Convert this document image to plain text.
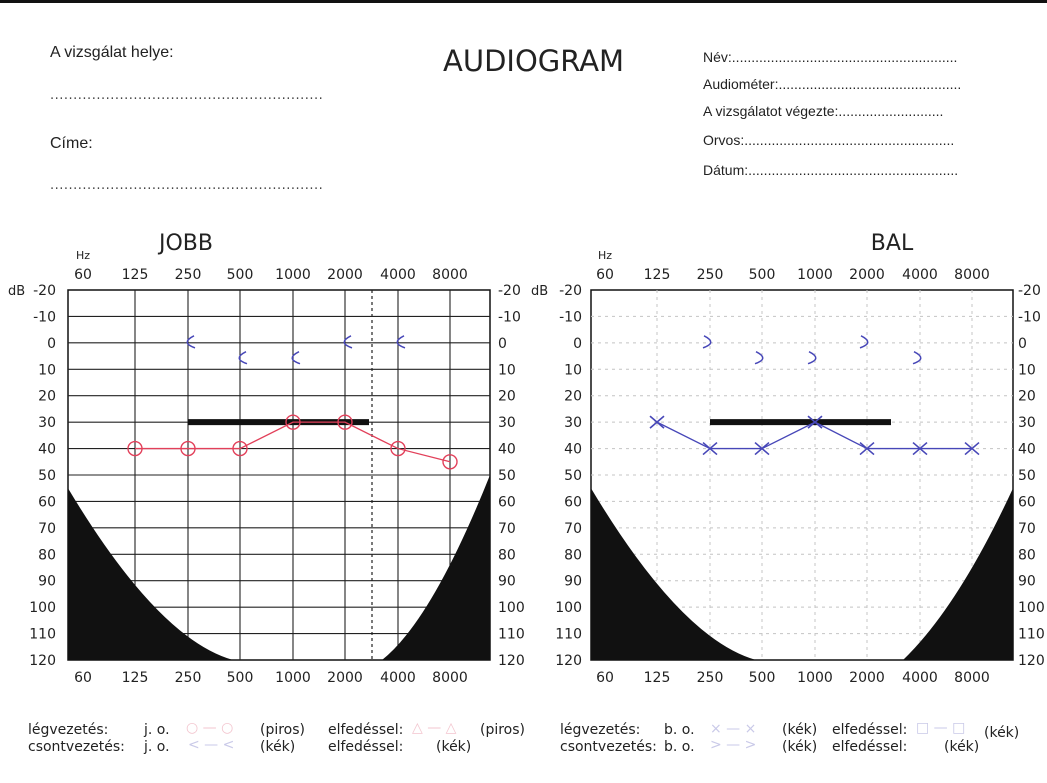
A vizsgálat helye:
...........................................................
Címe:
...........................................................
AUDIOGRAM	Név:..........................................................
Audiométer:...............................................
A vizsgálatot végezte:...........................
Orvos:......................................................
Dátum:......................................................
JOBB
Hz
-20	-20
-10	-10
0	0
10	10
20	20
30	30
40	40
50	50
60	60
70	70
80	80
90	90
100	100
110	110
120	120
dB
60
60
125
125
250
250
500
500
1000
1000
2000
2000
4000
4000
8000
8000
BAL
Hz
-20	-20
-10	-10
0	0
10	10
20	20
30	30
40	40
50	50
60	60
70	70
80	80
90	90
100	100
110	110
120	120
dB
60
60
125
125
250
250
500
500
1000
1000
2000
2000
4000
4000
8000
8000
légvezetés:	j. o. ○ — ○ (piros) elfedéssel: △ — △ (piros)
csontvezetés: j. o. < — < (kék) elfedéssel: (kék)
légvezetés: b. o. × — × (kék) elfedéssel: □ — □ (kék)
csontvezetés: b. o. > — > (kék) elfedéssel:	(kék)
